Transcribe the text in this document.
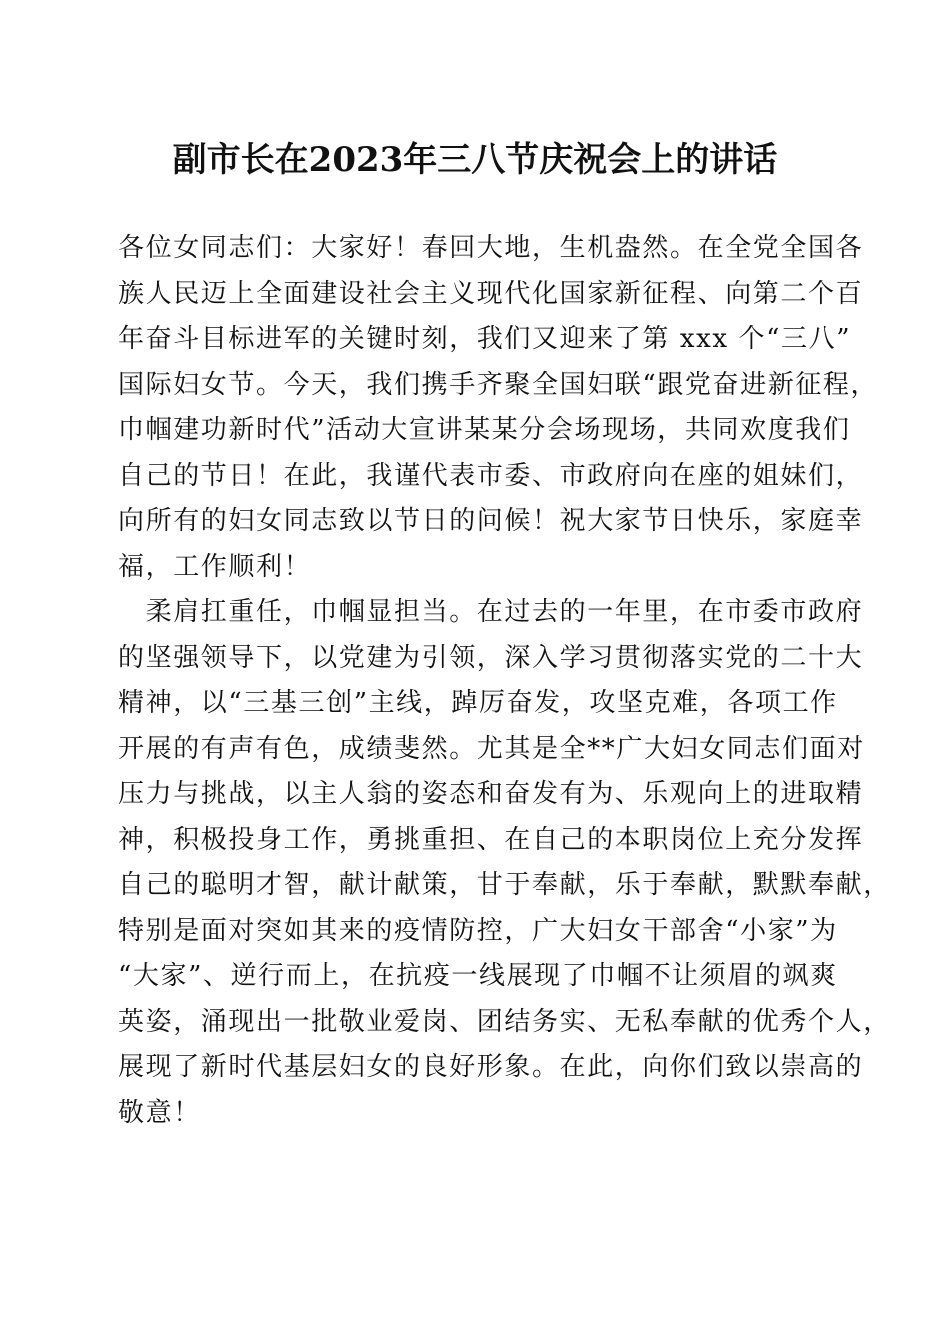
副市长在2023年三八节庆祝会上的讲话
各位女同志们：大家好！春回大地，生机盎然。在全党全国各
族人民迈上全面建设社会主义现代化国家新征程、向第二个百
年奋斗目标进军的关键时刻，我们又迎来了第 xxx 个“三八”
国际妇女节。今天，我们携手齐聚全国妇联“跟党奋进新征程，
巾帼建功新时代”活动大宣讲某某分会场现场，共同欢度我们
自己的节日！在此，我谨代表市委、市政府向在座的姐妹们，
向所有的妇女同志致以节日的问候！祝大家节日快乐，家庭幸
福，工作顺利！
　柔肩扛重任，巾帼显担当。在过去的一年里，在市委市政府
的坚强领导下，以党建为引领，深入学习贯彻落实党的二十大
精神，以“三基三创”主线，踔厉奋发，攻坚克难，各项工作
开展的有声有色，成绩斐然。尤其是全**广大妇女同志们面对
压力与挑战，以主人翁的姿态和奋发有为、乐观向上的进取精
神，积极投身工作，勇挑重担、在自己的本职岗位上充分发挥
自己的聪明才智，献计献策，甘于奉献，乐于奉献，默默奉献，
特别是面对突如其来的疫情防控，广大妇女干部舍“小家”为
“大家”、逆行而上，在抗疫一线展现了巾帼不让须眉的飒爽
英姿，涌现出一批敬业爱岗、团结务实、无私奉献的优秀个人，
展现了新时代基层妇女的良好形象。在此，向你们致以崇高的
敬意！
